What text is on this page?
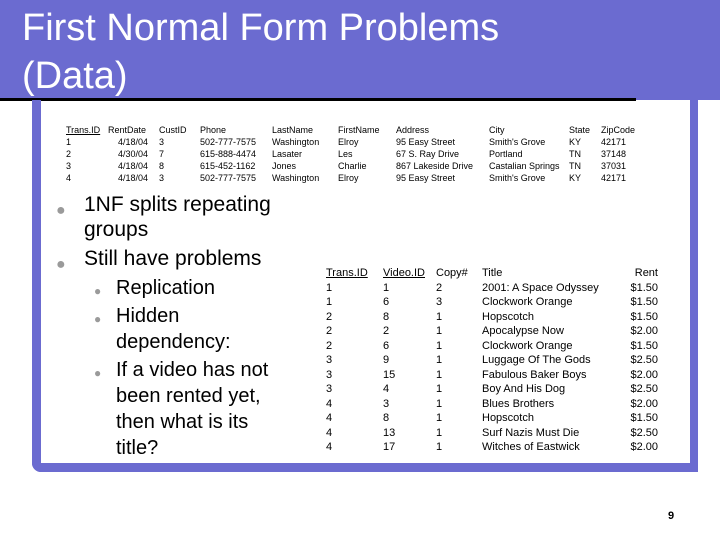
First Normal Form Problems
(Data)
Trans.ID	RentDate	CustID	Phone	LastName	FirstName	Address	City	State	ZipCode
1	4/18/04	3	502-777-7575	Washington	Elroy	95 Easy Street	Smith's Grove	KY	42171
2	4/30/04	7	615-888-4474	Lasater	Les	67 S. Ray Drive	Portland	TN	37148
3	4/18/04	8	615-452-1162	Jones	Charlie	867 Lakeside Drive	Castalian Springs	TN	37031
4	4/18/04	3	502-777-7575	Washington	Elroy	95 Easy Street	Smith's Grove	KY	42171
● 1NF splits repeating groups
● Still have problems
● Replication
● Hidden dependency:
● If a video has not been rented yet, then what is its title?
Trans.ID	Video.ID	Copy#	Title	Rent
1	1	2	2001: A Space Odyssey	$1.50
1	6	3	Clockwork Orange	$1.50
2	8	1	Hopscotch	$1.50
2	2	1	Apocalypse Now	$2.00
2	6	1	Clockwork Orange	$1.50
3	9	1	Luggage Of The Gods	$2.50
3	15	1	Fabulous Baker Boys	$2.00
3	4	1	Boy And His Dog	$2.50
4	3	1	Blues Brothers	$2.00
4	8	1	Hopscotch	$1.50
4	13	1	Surf Nazis Must Die	$2.50
4	17	1	Witches of Eastwick	$2.00
9
